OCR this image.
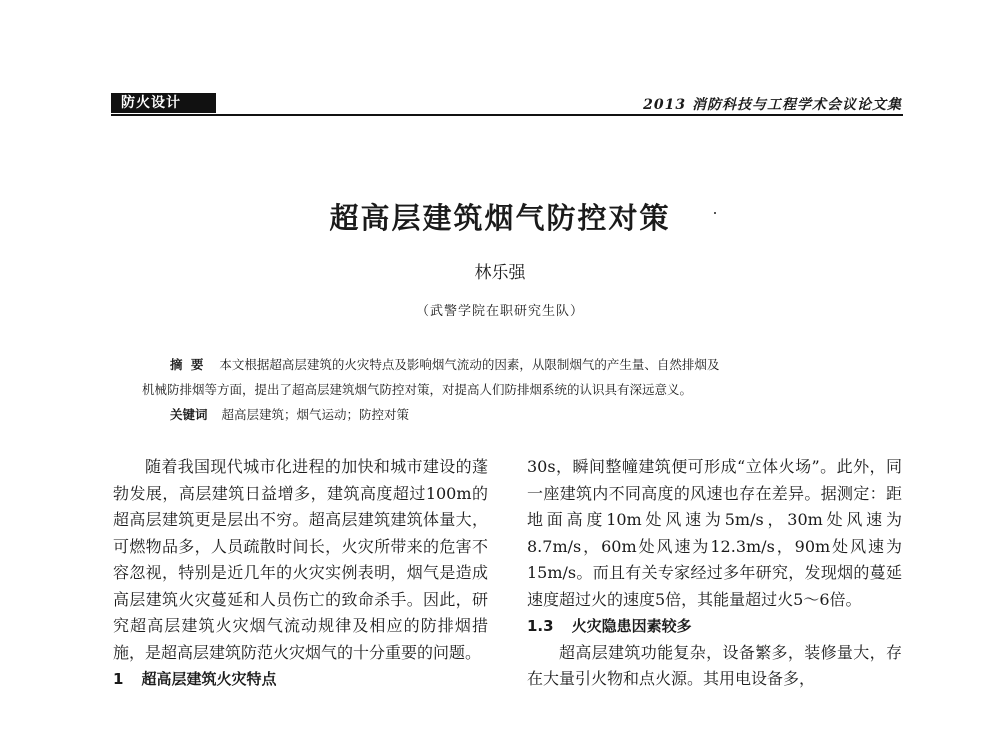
防火设计	2013 消防科技与工程学术会议论文集
超高层建筑烟气防控对策
林乐强
（武警学院在职研究生队）

摘 要 本文根据超高层建筑的火灾特点及影响烟气流动的因素，从限制烟气的产生量、自然排烟及

机械防排烟等方面，提出了超高层建筑烟气防控对策，对提高人们防排烟系统的认识具有深远意义。

关键词 超高层建筑；烟气运动；防控对策

随着我国现代城市化进程的加快和城市建设的蓬勃发展，高层建筑日益增多，建筑高度超过100m的超高层建筑更是层出不穷。超高层建筑建筑体量大，可燃物品多，人员疏散时间长，火灾所带来的危害不容忽视，特别是近几年的火灾实例表明，烟气是造成高层建筑火灾蔓延和人员伤亡的致命杀手。因此，研究超高层建筑火灾烟气流动规律及相应的防排烟措施，是超高层建筑防范火灾烟气的十分重要的问题。

1 超高层建筑火灾特点

30s，瞬间整幢建筑便可形成“立体火场”。此外，同一座建筑内不同高度的风速也存在差异。据测定：距地面高度10m处风速为5m/s，30m处风速为8.7m/s，60m处风速为12.3m/s，90m处风速为15m/s。而且有关专家经过多年研究，发现烟的蔓延速度超过火的速度5倍，其能量超过火5～6倍。

1.3 火灾隐患因素较多

超高层建筑功能复杂，设备繁多，装修量大，存在大量引火物和点火源。其用电设备多，
